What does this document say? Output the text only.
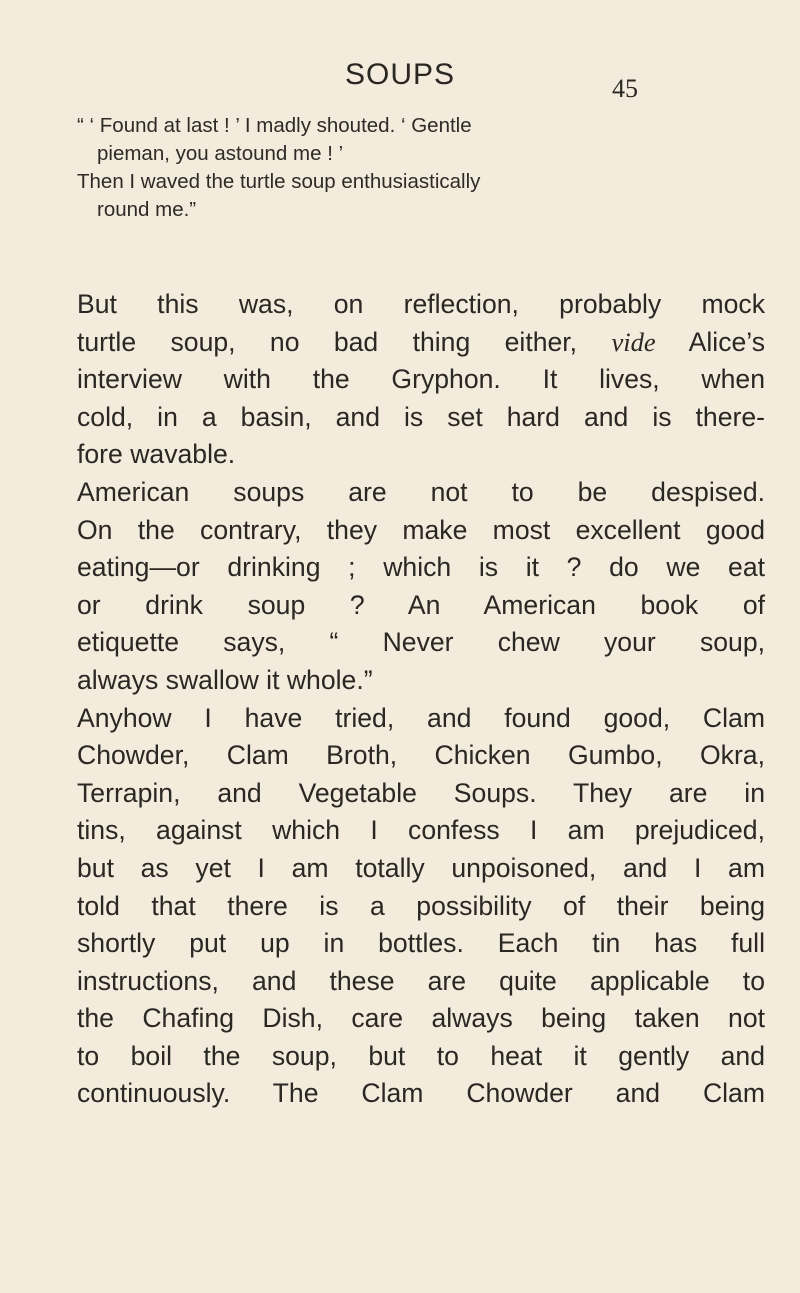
SOUPS	45
“ ‘ Found at last ! ’ I madly shouted. ‘ Gentle
pieman, you astound me ! ’
Then I waved the turtle soup enthusiastically
round me.”
But this was, on reflection, probably mock
turtle soup, no bad thing either, vide Alice’s
interview with the Gryphon. It lives, when
cold, in a basin, and is set hard and is there-
fore wavable.
American soups are not to be despised.
On the contrary, they make most excellent good
eating—or drinking ; which is it ? do we eat
or drink soup ? An American book of
etiquette says, “ Never chew your soup,
always swallow it whole.”
Anyhow I have tried, and found good, Clam
Chowder, Clam Broth, Chicken Gumbo, Okra,
Terrapin, and Vegetable Soups. They are in
tins, against which I confess I am prejudiced,
but as yet I am totally unpoisoned, and I am
told that there is a possibility of their being
shortly put up in bottles. Each tin has full
instructions, and these are quite applicable to
the Chafing Dish, care always being taken not
to boil the soup, but to heat it gently and
continuously. The Clam Chowder and Clam
